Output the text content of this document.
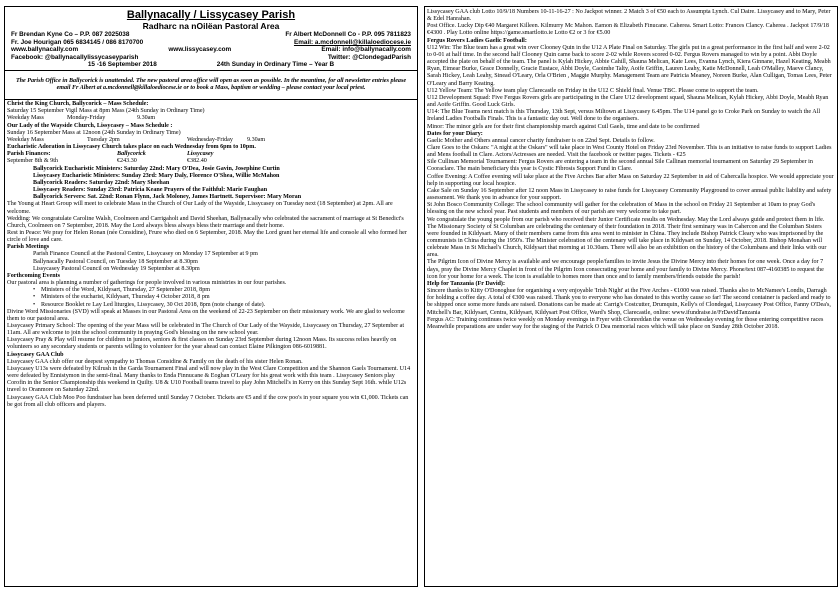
Ballynacally / Lissycasey Parish
Radharc na nOilëan Pastoral Area
Fr Brendan Kyne Co – P.P. 087 2025038	Fr Albert McDonnell Co - P.P. 095 7811823
Fr. Joe Hourigan 065 6834145 / 086 8170700	Email: a.mcdonnell@killaloediocese.ie
www.ballynacally.com	www.lissycasey.com	Email: info@ballynacally.com
Facebook: @ballynacallylissycaseyparish	Twitter: @ClondegadParish
15 -16 September 2018	24th Sunday in Ordinary Time – Year B

The Parish Office in Ballycorick is unattended. The new pastoral area office will open as soon as possible. In the meantime, for all newsletter entries please email Fr Albert at a.mcdonnell@killaloediocese.ie or to book a Mass, baptism or wedding – please contact your local priest.

Christ the King Church, Ballycorick – Mass Schedule:

Saturday 15 September Vigil Mass at 8pm Mass (24th Sunday in Ordinary Time)

Weekday Mass	Monday-Friday	9.30am

Our Lady of the Wayside Church, Lissycasey – Mass Schedule :

Sunday 16 September Mass at 12noon (24th Sunday in Ordinary Time)

Weekday Mass	Tuesday 2pm	Wednesday-Friday 9.30am

Eucharistic Adoration in Lissycasey Church takes place on each Wednesday from 6pm to 10pm.

Parish Finances:	Ballycorick	Lissycasey

September 8th & 9th	€243.30	€382.40

Ballycorick Eucharistic Ministers: Saturday 22nd: Mary O'Dea, Josie Gavin, Josephine Curtin

Lissycasey Eucharistic Ministers: Sunday 23rd: Mary Daly, Florence O'Shea, Willie McMahon

Ballycorick Readers: Saturday 22nd: Mary Sheehan

Lissycasey Readers: Sunday 23rd: Patricia Keane Prayers of the Faithful: Marie Faughan

Ballycorick Servers: Sat. 22nd: Ronan Flynn, Jack Moloney, James Hartnett. Supervisor: Mary Moran

The Young at Heart Group will meet to celebrate Mass in the Church of Our Lady of the Wayside, Lissycasey on Tuesday next (18 September) at 2pm. All are welcome.

Wedding: We congratulate Caroline Walsh, Coolmeen and Carrigaholt and David Sheehan, Ballynacally who celebrated the sacrament of marriage at St Benedict's Church, Coolmeen on 7 September, 2018. May the Lord always bless always bless their marriage and their home.

Rest in Peace: We pray for Helen Ronan (née Considine), Frure who died on 6 September, 2018. May the Lord grant her eternal life and console all who formed her circle of love and care.

Parish Meetings

Parish Finance Council at the Pastoral Centre, Lissycasey on Monday 17 September at 9 pm

Ballynacally Pastoral Council, on Tuesday 18 September at 8.30pm

Lissycasey Pastoral Council on Wednesday 19 September at 8.30pm

Forthcoming Events

Our pastoral area is planning a number of gatherings for people involved in various ministries in our four parishes.

• Ministers of the Word, Kildysart, Thursday, 27 September 2018, 8pm

• Ministers of the eucharist, Kildysart, Thursday 4 October 2018, 8 pm

• Resource Booklet re Lay Led liturgies, Lissycasey, 30 Oct 2018, 8pm (note change of date).

Divine Word Missionaries (SVD) will speak at Masses in our Pastoral Area on the weekend of 22-23 September on their missionary work. We are glad to welcome them to our pastoral area.

Lissycasey Primary School: The opening of the year Mass will be celebrated in The Church of Our Lady of the Wayside, Lissycasey on Thursday, 27 September at 11am. All are welcome to join the school community in praying God's blessing on the new school year.

Lissycasey Pray & Play will resume for children in juniors, seniors & first classes on Sunday 23rd September during 12noon Mass. Its success relies heavily on volunteers so any secondary students or parents willing to volunteer for the year ahead can contact Elaine Pilkington 086-6019881.

Lissycasey GAA Club

Lissycasey GAA club offer our deepest sympathy to Thomas Considine & Family on the death of his sister Helen Ronan.

Lissycasey U13s were defeated by Kilrush in the Garda Tournament Final and will now play in the West Clare Competition and the Shannon Gaels Tournament. U14 were defeated by Ennistymon in the semi-final. Many thanks to Enda Finnucane & Eoghan O'Leary for his great work with this team . Lissycasey Seniors play Corofin in the Senior Championship this weekend in Quilty. U8 & U10 Football teams travel to play John Mitchell's in Kerry on this Sunday Sept 16th. while U12s travel to Oranmore on Saturday 22nd.

Lissycasey GAA Club Moo Poo fundraiser has been deferred until Sunday 7 October. Tickets are €5 and if the cow poo's in your square you win €1,000. Tickets can be got from all club officers and players.

Lissycasey GAA club Lotto 10/9/18 Numbers 10-11-16-27 : No Jackpot winner. 2 Match 3 of €50 each to Assumpta Lynch. Cul Daire. Lissycasey and to Mary, Peter & Edel Hanrahan.

Post Office. Lucky Dip €40 Margaret Killeen. Kilmurry Mc Mahon. Eamon & Elizabeth Finucane. Caherea. Smart Lotto: Frances Clancy. Caherea . Jackpot 17/9/18 €4300 . Play Lotto online https://game.smartlotto.ie Lotto €2 or 3 for €5.00

Fergus Rovers Ladies Gaelic Football:

U12 Win: The Blue team has a great win over Clooney Quin in the U12 A Plate Final on Saturday. The girls put in a great performance in the first half and were 2-02 to 0-01 at half time. In the second half Clooney Quin came back to score 2-02 while Rovers scored 0-02. Fergus Rovers managed to win by a point. Abbi Doyle accepted the plate on behalf of the team. The panel is Kylah Hickey, Abbie Cahill, Shauna Melican, Kate Lees, Evanna Lynch, Kiera Ginnane, Hazel Keating, Meabh Ryan, Eimear Burke, Grace Donnelly, Gracie Eustace, Abbi Doyle, Caoimhe Talty, Aoife Griffin, Lauren Leahy, Katie McDonnell, Leah O'Malley, Maeve Clancy, Sarah Hickey, Leah Leahy, Sinead O'Leary, Orla O'Brien , Maggie Murphy. Management Team are Patricia Meaney, Noreen Burke, Alan Culligan, Tomas Lees, Peter O'Leary and Barry Keating.

U12 Yellow Team: The Yellow team play Clarecastle on Friday in the U12 C Shield final. Venue TBC. Please come to support the team.

U12 Development Squad: Five Fergus Rovers girls are participating in the Clare U12 development squad, Shauna Melican, Kylah Hickey, Abbi Doyle, Meabh Ryan and Aoife Griffin. Good Luck Girls.

U14: The Blue Teams next match is this Thursday, 13th Sept, versus Miltown at Lissycasey 6.45pm. The U14 panel go to Croke Park on Sunday to watch the All Ireland Ladies Footballs Finals. This is a fantastic day out. Well done to the organisers.

Minor: The minor girls are for their first championship march against Cuil Gaels, time and date to be confirmed

Dates for your Diary:

Gaelic Mother and Others annual cancer charity fundraiser is on 22nd Sept. Details to follow.

Clare Goes to the Oskars: "A night at the Oskars" will take place in West County Hotel on Friday 23rd November. This is an initiative to raise funds to support Ladies and Mens football in Clare. Actors/Actresses are needed. Visit the facebook or twitter pages. Tickets - €25

Sile Cullinan Memorial Tournament: Fergus Rovers are entering a team in the second annual Sile Callinan memorial tournament on Saturday 29 September in Cooraclare. The main beneficiary this year is Cystic Fibrosis Support Fund in Clare.

Coffee Evening: A Coffee evening will take place at the Five Arches Bar after Mass on Saturday 22 September in aid of Cahercalla hospice. We would appreciate your help in supporting our local hospice.

Cake Sale on Sunday 16 September after 12 noon Mass in Lissycasey to raise funds for Lissycasey Community Playground to cover annual public liability and safety assessment. We thank you in advance for your support.

St John Bosco Community College: The school community will gather for the celebration of Mass in the school on Friday 21 September at 10am to pray God's blessing on the new school year. Past students and members of our parish are very welcome to take part.

We congratulate the young people from our parish who received their Junior Certificate results on Wednesday. May the Lord always guide and protect them in life.

The Missionary Society of St Columban are celebrating the centenary of their foundation in 2018. Their first seminary was in Cahercon and the Columban Sisters were founded in Kildysart. Many of their members came from this area went to minister in China. They include Bishop Patrick Cleary who was imprisoned by the communists in China during the 1950's. The Minister celebration of the centenary will take place in Kildysart on Sunday, 14 October, 2018. Bishop Monahan will celebrate Mass in St Michael's Church, Kildysart that morning at 10.30am. There will also be an exhibition on the history of the Columbans and their links with our area.

The Pilgrim Icon of Divine Mercy is available and we encourage people/families to invite Jesus the Divine Mercy into their homes for one week. Once a day for 7 days, pray the Divine Mercy Chaplet in front of the Pilgrim Icon consecrating your home and your family to Divine Mercy. Phone/text 087-4160385 to request the icon for your home for a week. The icon is available to homes more than once and to family members/friends outside the parish!

Help for Tanzania (Fr David):

Sincere thanks to Kitty O'Donoghue for organising a very enjoyable 'Irish Night' at the Five Arches - €1000 was raised. Thanks also to McNamee's Londis, Darragh for holding a coffee day. A total of €300 was raised. Thank you to everyone who has donated to this worthy cause so far! The second container is packed and ready to be shipped once some more funds are raised. Donations can be made at: Carrig's Costcutter, Drumquin, Kelly's of Clondegad, Lissycasey Post Office, Fanny O'Dea's, Mitchell's Bar, Kildysart, Centra, Kildysart, Kildysart Post Office, Ward's Shop, Clarecastle, online: www.ifundraise.ie/FrDavidTanzania

Fergus AC: Training continues twice weekly on Monday evenings in Fryer with Clonreddan the venue on Wednesday evening for those entering competitive races Meanwhile preparations are under way for the staging of the Patrick O Dea memorial races which will take place on Sunday 28th October 2018.
